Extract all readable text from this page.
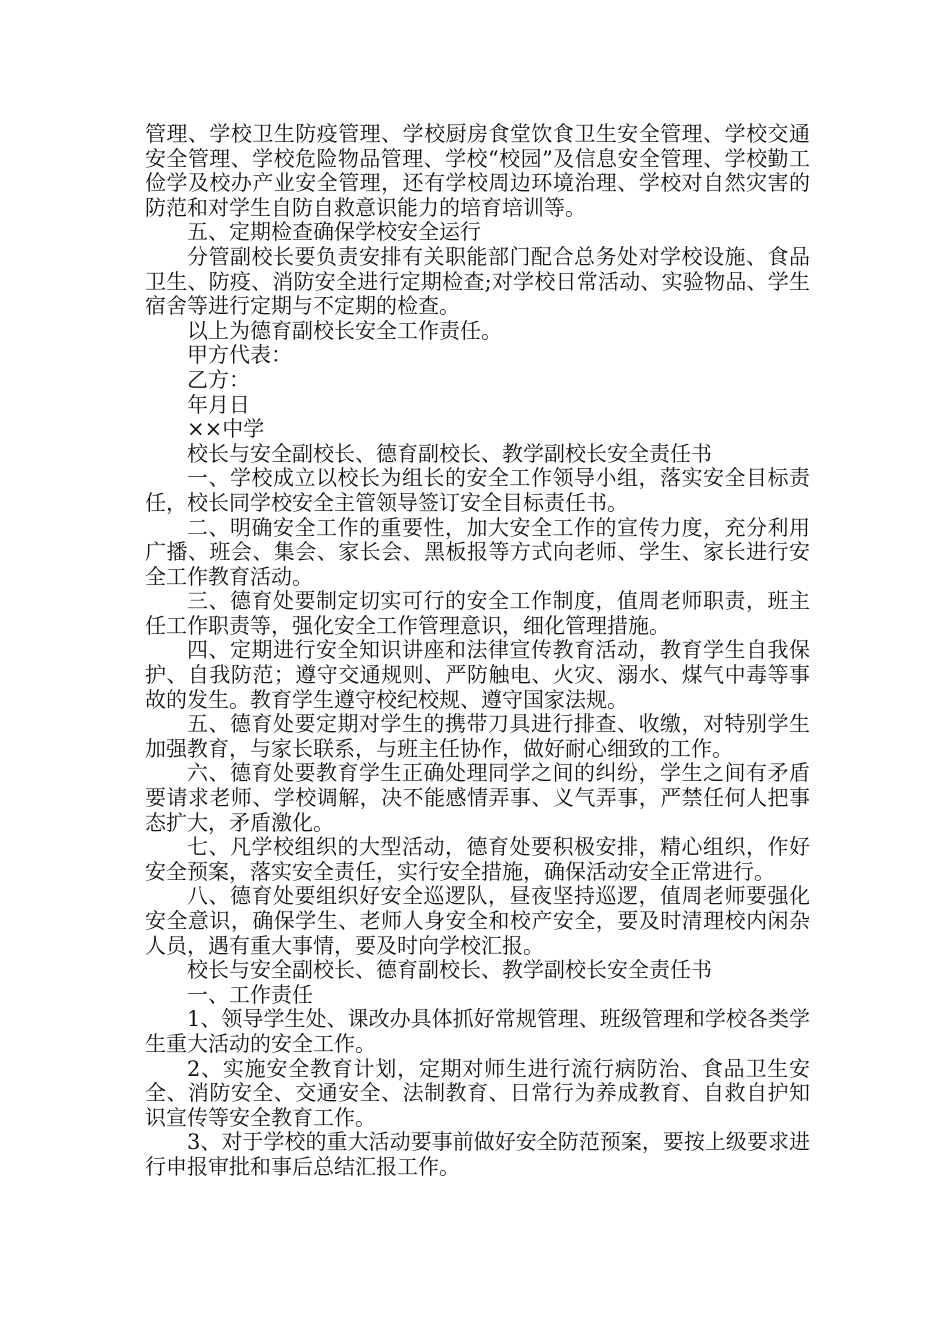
管理、学校卫生防疫管理、学校厨房食堂饮食卫生安全管理、学校交通安全管理、学校危险物品管理、学校“校园”及信息安全管理、学校勤工俭学及校办产业安全管理，还有学校周边环境治理、学校对自然灾害的防范和对学生自防自救意识能力的培育培训等。

五、定期检查确保学校安全运行

分管副校长要负责安排有关职能部门配合总务处对学校设施、食品卫生、防疫、消防安全进行定期检查;对学校日常活动、实验物品、学生宿舍等进行定期与不定期的检查。

以上为德育副校长安全工作责任。

甲方代表：

乙方：

年月日

××中学

校长与安全副校长、德育副校长、教学副校长安全责任书

一、学校成立以校长为组长的安全工作领导小组，落实安全目标责任，校长同学校安全主管领导签订安全目标责任书。

二、明确安全工作的重要性，加大安全工作的宣传力度，充分利用广播、班会、集会、家长会、黑板报等方式向老师、学生、家长进行安全工作教育活动。

三、德育处要制定切实可行的安全工作制度，值周老师职责，班主任工作职责等，强化安全工作管理意识，细化管理措施。

四、定期进行安全知识讲座和法律宣传教育活动，教育学生自我保护、自我防范；遵守交通规则、严防触电、火灾、溺水、煤气中毒等事故的发生。教育学生遵守校纪校规、遵守国家法规。

五、德育处要定期对学生的携带刀具进行排查、收缴，对特别学生加强教育，与家长联系，与班主任协作，做好耐心细致的工作。

六、德育处要教育学生正确处理同学之间的纠纷，学生之间有矛盾要请求老师、学校调解，决不能感情弄事、义气弄事，严禁任何人把事态扩大，矛盾激化。

七、凡学校组织的大型活动，德育处要积极安排，精心组织，作好安全预案，落实安全责任，实行安全措施，确保活动安全正常进行。

八、德育处要组织好安全巡逻队，昼夜坚持巡逻，值周老师要强化安全意识，确保学生、老师人身安全和校产安全，要及时清理校内闲杂人员，遇有重大事情，要及时向学校汇报。

校长与安全副校长、德育副校长、教学副校长安全责任书

一、工作责任

1、领导学生处、课改办具体抓好常规管理、班级管理和学校各类学生重大活动的安全工作。

2、实施安全教育计划，定期对师生进行流行病防治、食品卫生安全、消防安全、交通安全、法制教育、日常行为养成教育、自救自护知识宣传等安全教育工作。

3、对于学校的重大活动要事前做好安全防范预案，要按上级要求进行申报审批和事后总结汇报工作。
